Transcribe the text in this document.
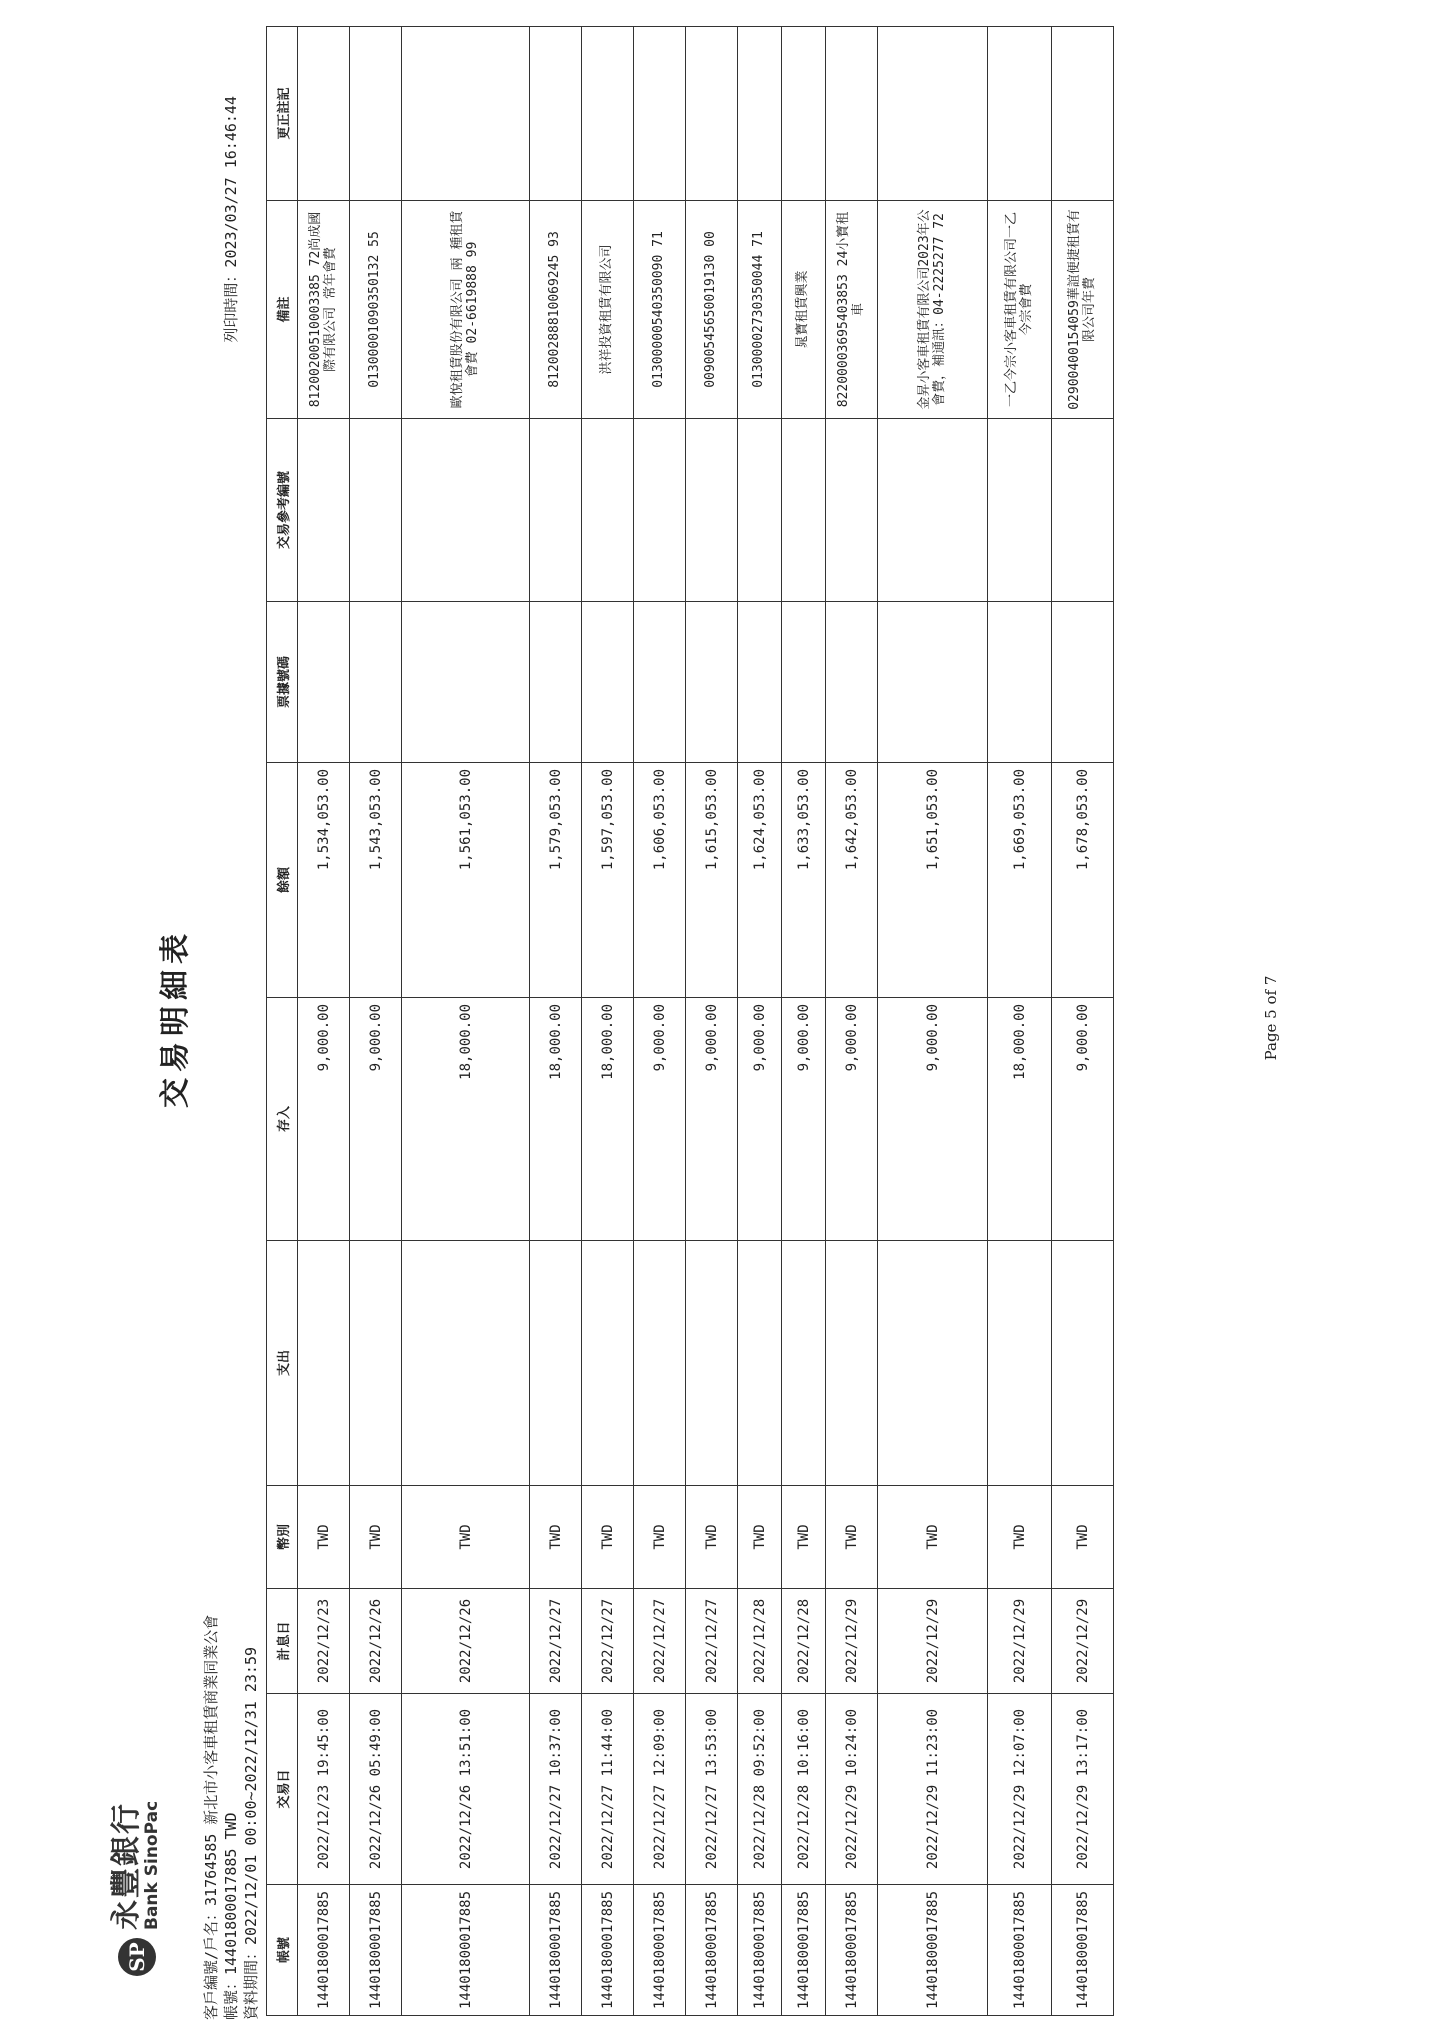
SP
永豐銀行
Bank SinoPac
交易明細表
列印時間：2023/03/27 16:46:44
客戶編號/戶名：31764585 新北市小客車租賃商業同業公會 帳號：14401800017885 TWD 資料期間：2022/12/01 00:00~2022/12/31 23:59 帳號	交易日	計息日	幣別	支出	存入	餘額	票據號碼	交易參考編號	備註	更正註記
14401800017885	2022/12/23 19:45:00	2022/12/23	TWD		9,000.00	1,534,053.00			81200200510003385 72尚成國際有限公司 常年會費	
14401800017885	2022/12/26 05:49:00	2022/12/26	TWD		9,000.00	1,543,053.00			01300001090350132 55	
14401800017885	2022/12/26 13:51:00	2022/12/26	TWD		18,000.00	1,561,053.00			歐悅租賃股份有限公司 兩 種租賃會費 02-6619888 99	
14401800017885	2022/12/27 10:37:00	2022/12/27	TWD		18,000.00	1,579,053.00			81200288810069245 93	
14401800017885	2022/12/27 11:44:00	2022/12/27	TWD		18,000.00	1,597,053.00			洪祥投資租賃有限公司	
14401800017885	2022/12/27 12:09:00	2022/12/27	TWD		9,000.00	1,606,053.00			01300000540350090 71	
14401800017885	2022/12/27 13:53:00	2022/12/27	TWD		9,000.00	1,615,053.00			00900545650019130 00	
14401800017885	2022/12/28 09:52:00	2022/12/28	TWD		9,000.00	1,624,053.00			01300002730350044 71	
14401800017885	2022/12/28 10:16:00	2022/12/28	TWD		9,000.00	1,633,053.00			晁寶租賃興業	
14401800017885	2022/12/29 10:24:00	2022/12/29	TWD		9,000.00	1,642,053.00			82200003695403853 24小寶租車	
14401800017885	2022/12/29 11:23:00	2022/12/29	TWD		9,000.00	1,651,053.00			金昇小客車租賃有限公司2023年公會費，補通訊：04-2225277 72	
14401800017885	2022/12/29 12:07:00	2022/12/29	TWD		18,000.00	1,669,053.00			一乙今宗小客車租賃有限公司一乙今宗會費	
14401800017885	2022/12/29 13:17:00	2022/12/29	TWD		9,000.00	1,678,053.00			02900400154059華誼便捷租賃有限公司年費	
Page 5 of 7
